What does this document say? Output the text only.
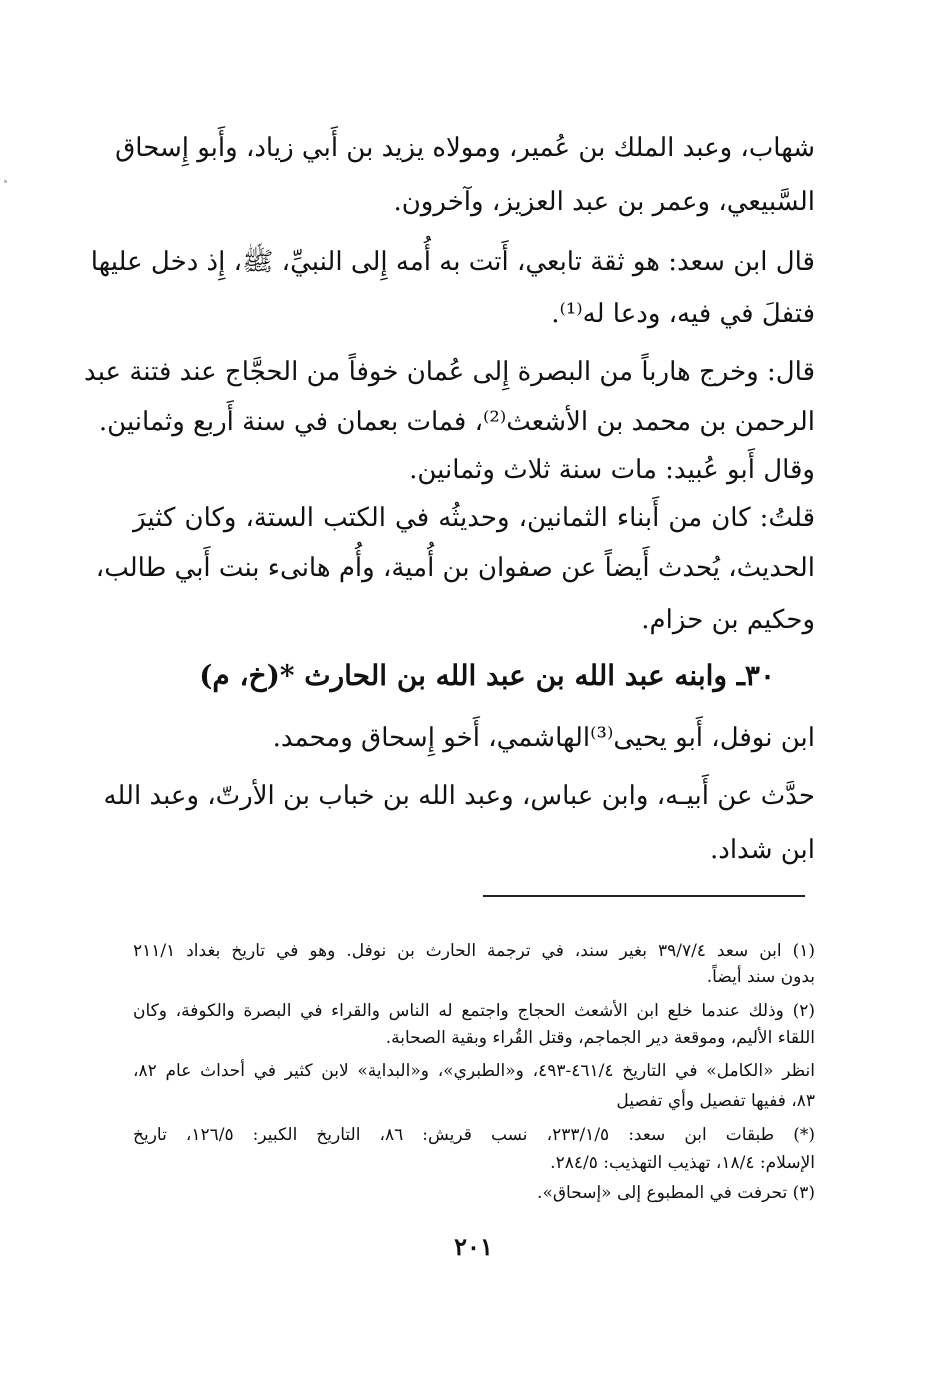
شهاب، وعبد الملك بن عُمير، ومولاه يزيد بن أَبي زياد، وأَبو إِسحاق
السَّبيعي، وعمر بن عبد العزيز، وآخرون.
قال ابن سعد: هو ثقة تابعي، أَتت به أُمه إِلى النبيِّ، ﷺ، إِذ دخل عليها
فتفلَ في فيه، ودعا له⁽¹⁾.
قال: وخرج هارباً من البصرة إِلى عُمان خوفاً من الحجَّاج عند فتنة عبد
الرحمن بن محمد بن الأشعث⁽²⁾، فمات بعمان في سنة أَربع وثمانين.
وقال أَبو عُبيد: مات سنة ثلاث وثمانين.
قلتُ: كان من أَبناء الثمانين، وحديثُه في الكتب الستة، وكان كثيرَ
الحديث، يُحدث أَيضاً عن صفوان بن أُمية، وأُم هانىء بنت أَبي طالب،
وحكيم بن حزام.
٣٠ـ وابنه عبد الله بن عبد الله بن الحارث *(خ، م)
ابن نوفل، أَبو يحيى⁽³⁾الهاشمي، أَخو إِسحاق ومحمد.
حدَّث عن أَبيـه، وابن عباس، وعبد الله بن خباب بن الأرتّ، وعبد الله
ابن شداد.
(١) ابن سعد ٣٩/٧/٤ بغير سند، في ترجمة الحارث بن نوفل. وهو في تاريخ بغداد ٢١١/١
بدون سند أيضاً.
(٢) وذلك عندما خلع ابن الأشعث الحجاج واجتمع له الناس والقراء في البصرة والكوفة، وكان
اللقاء الأليم، وموقعة دير الجماجم، وقتل القُراء وبقية الصحابة.
انظر «الكامل» في التاريخ ٤٦١/٤-٤٩٣، و«الطبري»، و«البداية» لابن كثير في أحداث عام ٨٢،
٨٣، ففيها تفصيل وأي تفصيل
(*) طبقات ابن سعد: ٢٣٣/١/٥، نسب قريش: ٨٦، التاريخ الكبير: ١٢٦/٥، تاريخ
الإسلام: ١٨/٤، تهذيب التهذيب: ٢٨٤/٥.
(٣) تحرفت في المطبوع إلى «إسحاق».
٢٠١
